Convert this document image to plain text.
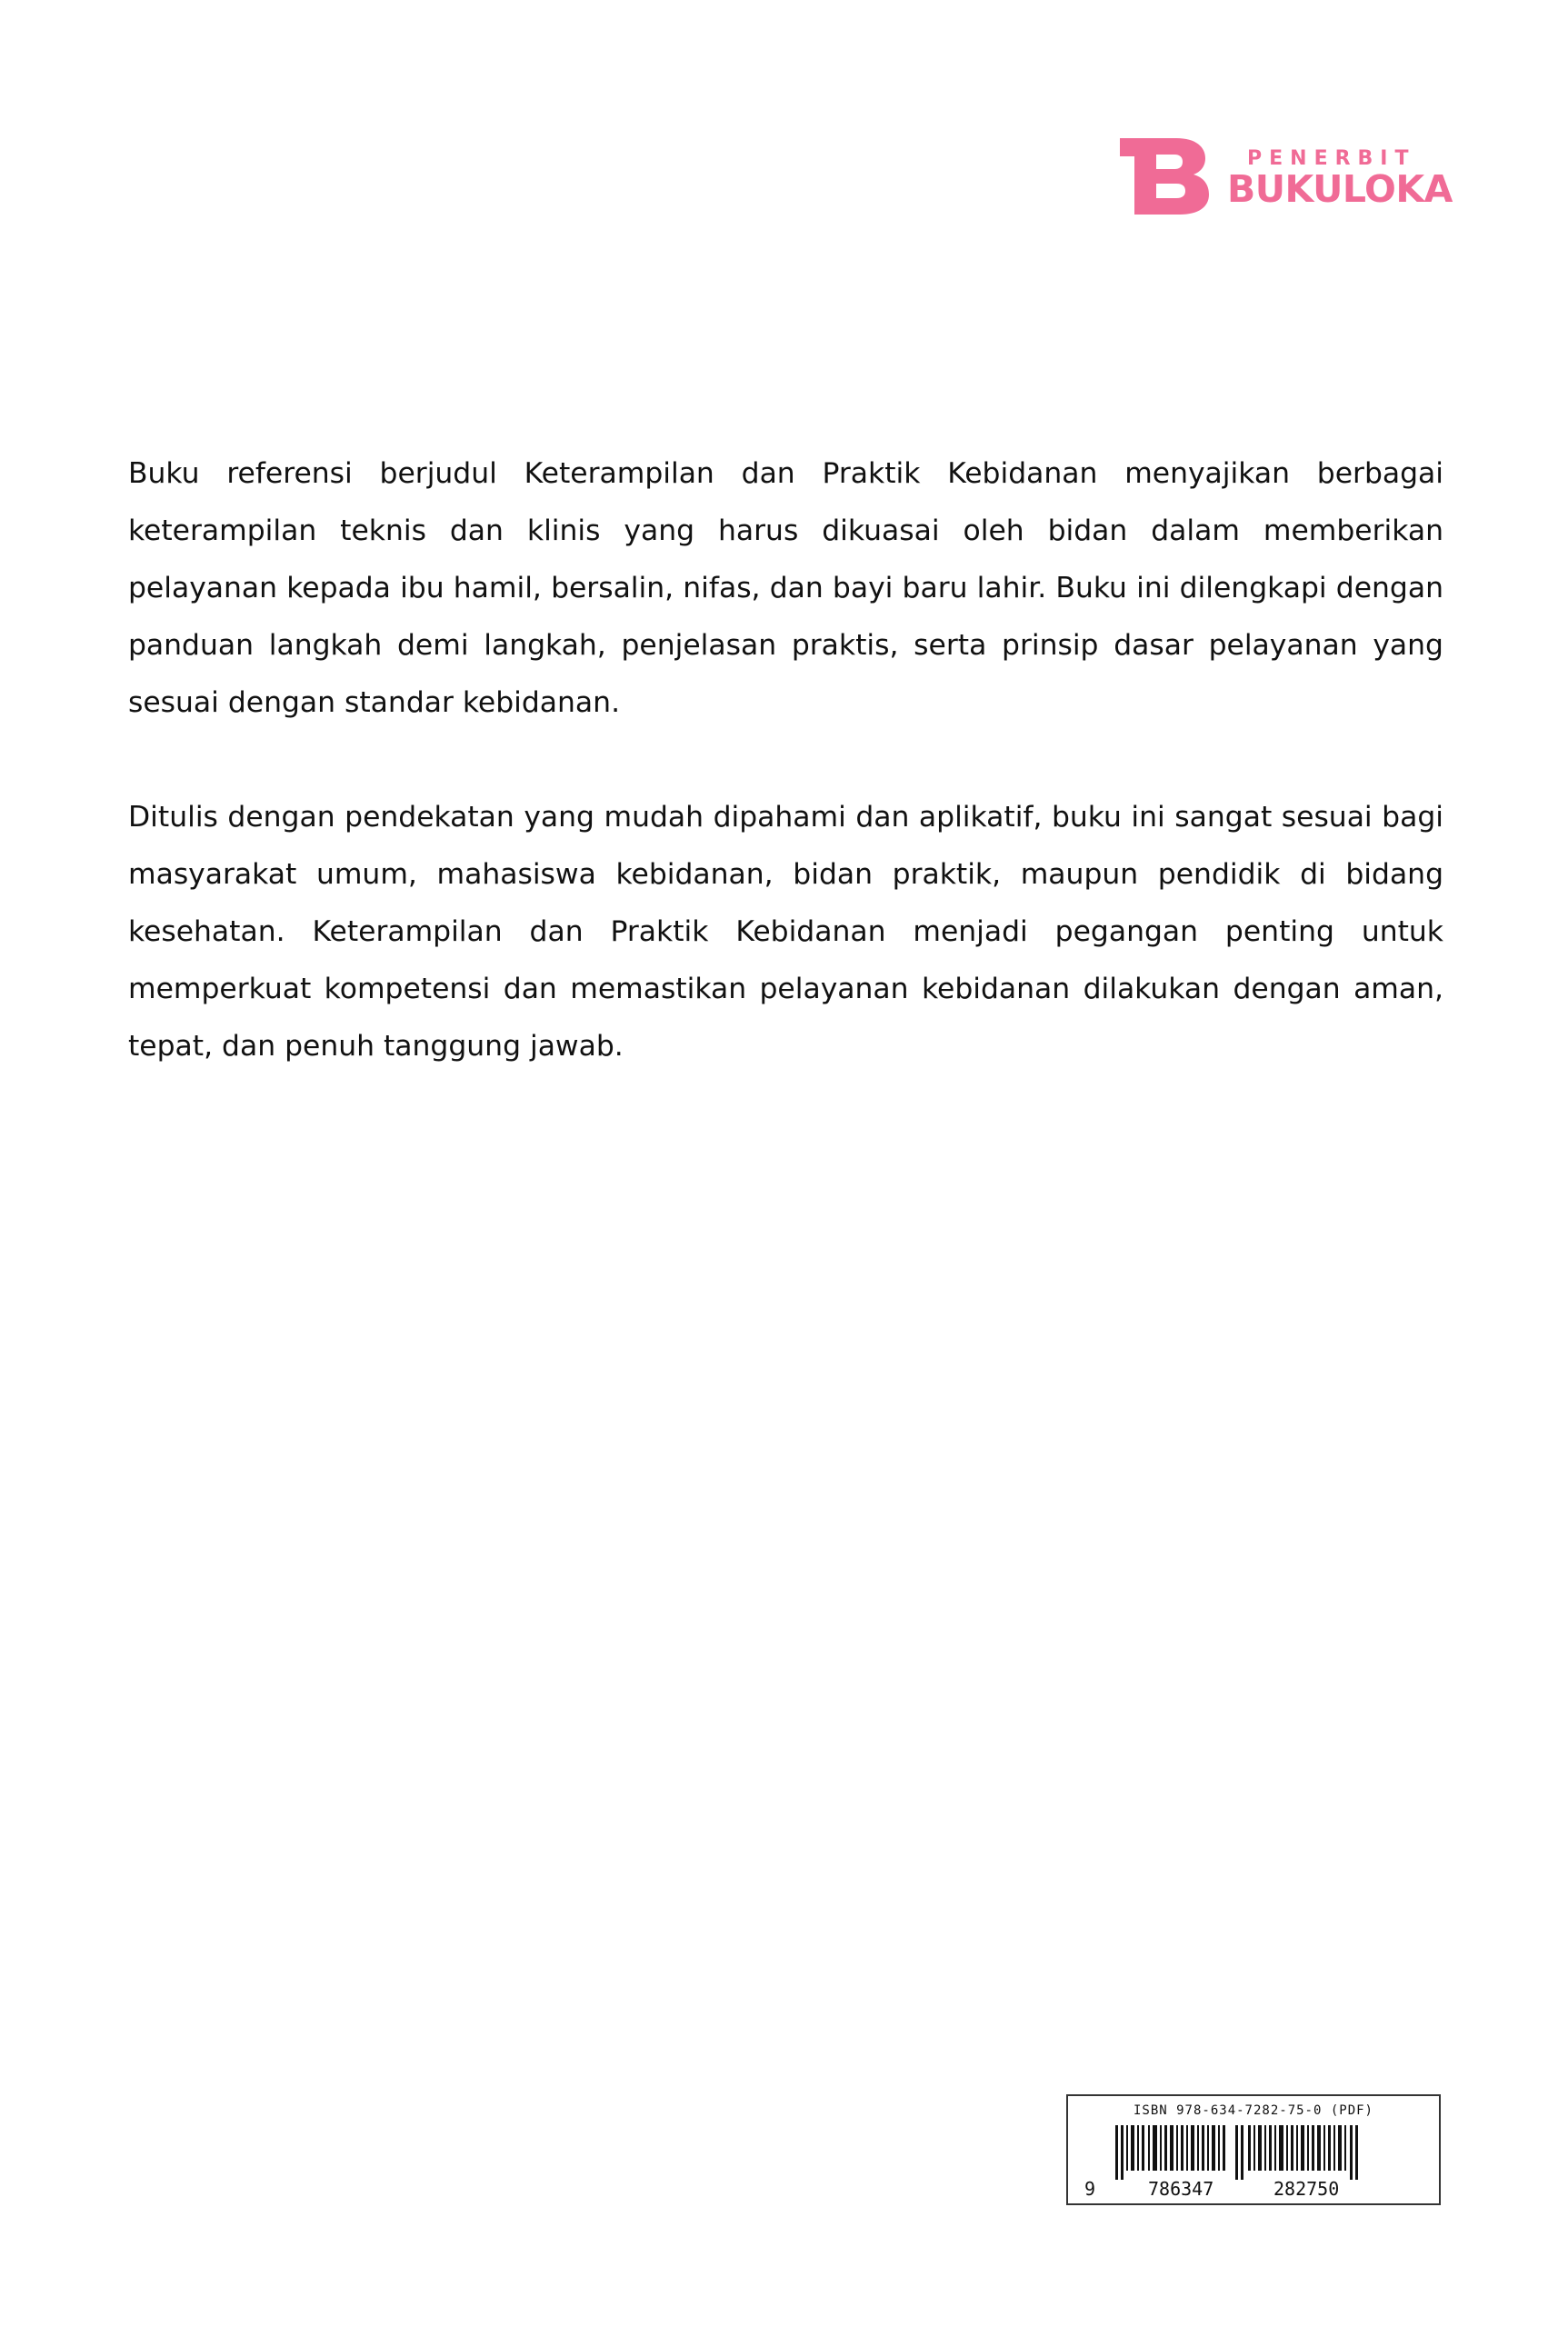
PENERBIT
BUKULOKA

Buku referensi berjudul Keterampilan dan Praktik Kebidanan menyajikan berbagai keterampilan teknis dan klinis yang harus dikuasai oleh bidan dalam memberikan pelayanan kepada ibu hamil, bersalin, nifas, dan bayi baru lahir. Buku ini dilengkapi dengan panduan langkah demi langkah, penjelasan praktis, serta prinsip dasar pelayanan yang sesuai dengan standar kebidanan.

Ditulis dengan pendekatan yang mudah dipahami dan aplikatif, buku ini sangat sesuai bagi masyarakat umum, mahasiswa kebidanan, bidan praktik, maupun pendidik di bidang kesehatan. Keterampilan dan Praktik Kebidanan menjadi pegangan penting untuk memperkuat kompetensi dan memastikan pelayanan kebidanan dilakukan dengan aman, tepat, dan penuh tanggung jawab.

ISBN 978-634-7282-75-0 (PDF)
9	786347	282750
